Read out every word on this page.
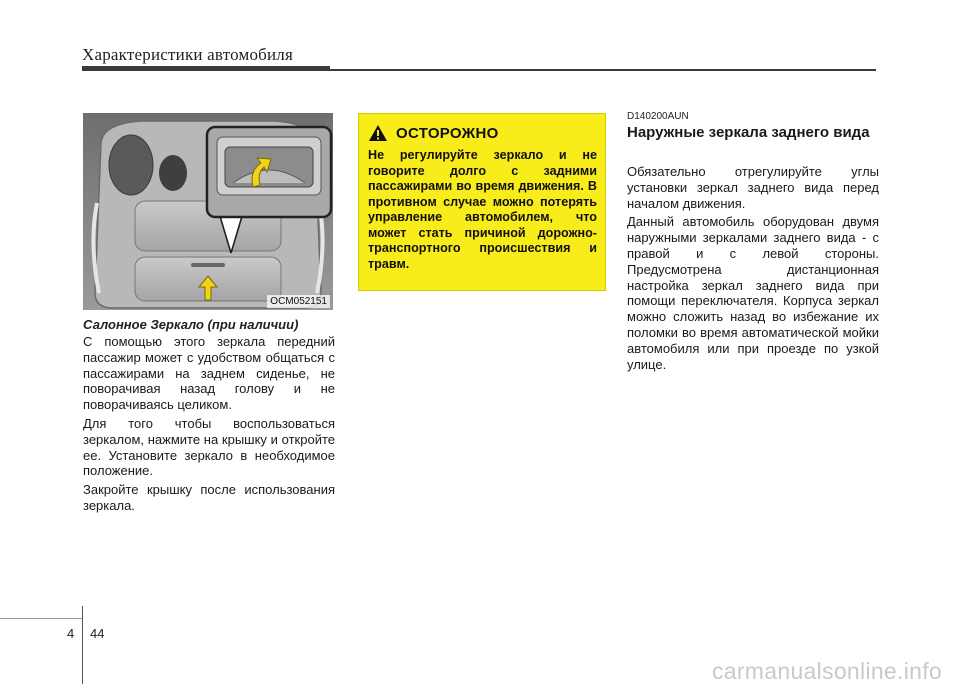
Характеристики автомобиля
OCM052151
Салонное Зеркало (при наличии)

С помощью этого зеркала передний пассажир может с удобством общаться с пассажирами на заднем сиденье, не поворачивая назад голову и не поворачиваясь целиком.

Для того чтобы воспользоваться зеркалом, нажмите на крышку и откройте ее. Установите зеркало в необходимое положение.

Закройте крышку после использования зеркала.

ОСТОРОЖНО

Не регулируйте зеркало и не говорите долго с задними пассажирами во время движения. В противном случае можно потерять управление автомобилем, что может стать причиной дорожно-транспортного происшествия и травм.

D140200AUN
Наружные зеркала заднего вида

Обязательно отрегулируйте углы установки зеркал заднего вида перед началом движения.

Данный автомобиль оборудован двумя наружными зеркалами заднего вида - с правой и с левой стороны. Предусмотрена дистанционная настройка зеркал заднего вида при помощи переключателя. Корпуса зеркал можно сложить назад во избежание их поломки во время автоматической мойки автомобиля или при проезде по узкой улице.

4 44
carmanualsonline.info
